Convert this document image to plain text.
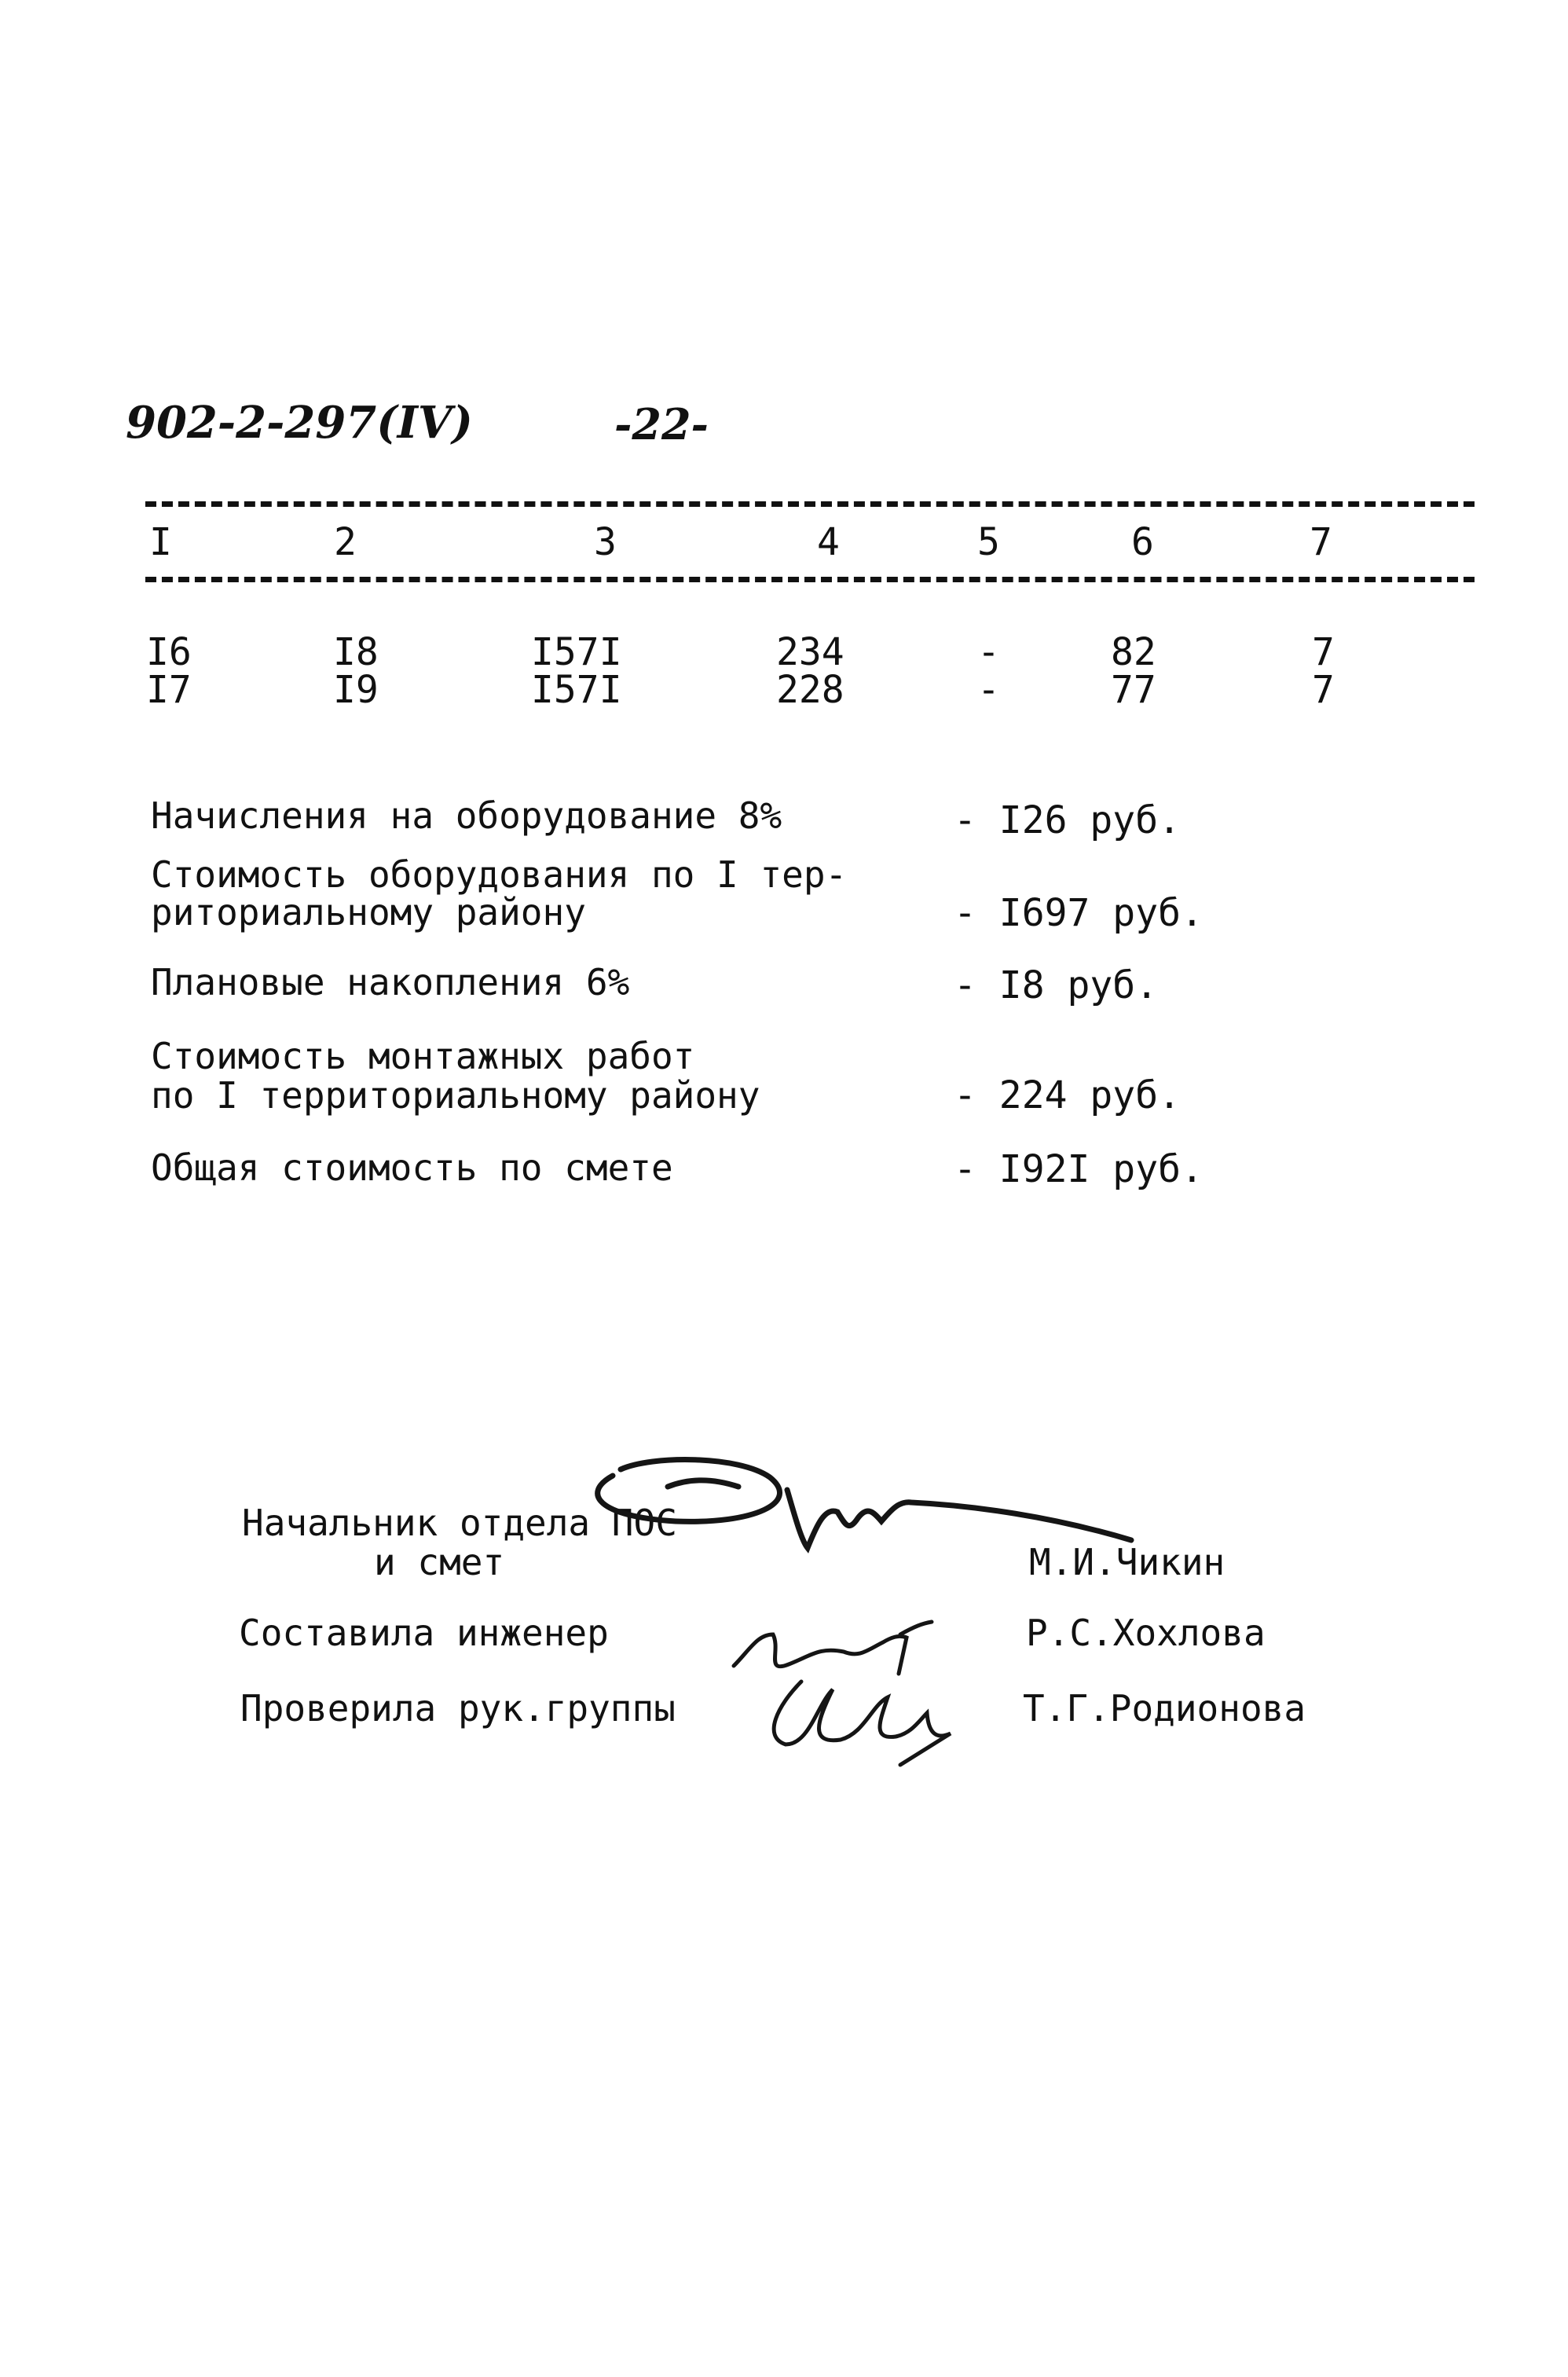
902-2-297(IV)	-22-
I	2	3	4	5	6	7
I6	I8	I57I	234	-	82	7
I7	I9	I57I	228	-	77	7
Начисления на оборудование 8%	- I26 руб.
Стоимость оборудования по I тер-
риториальному району	- I697 руб.
Плановые накопления 6%	- I8 руб.
Стоимость монтажных работ
по I территориальному району	- 224 руб.
Общая стоимость по смете	- I92I руб.
Начальник отдела ПОС
и смет	М.И.Чикин
Составила инженер	Р.С.Хохлова
Проверила рук.группы	Т.Г.Родионова
